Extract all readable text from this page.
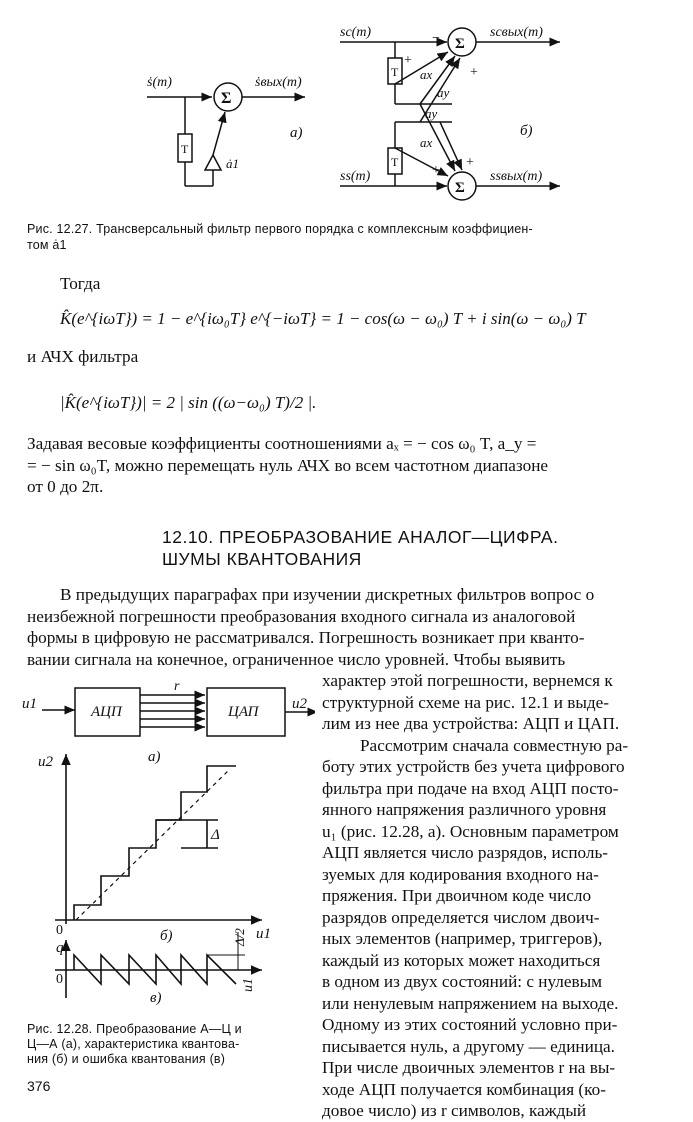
ṡ(m)	ṡвых(m)
Σ
T
ȧ1
a)
sc(m)	scвых(m)
ss(m)	ssвых(m)
Σ
Σ
T
T
ax
ay
ay
ax
−
+
+
+
+
б)
Рис. 12.27. Трансверсальный фильтр первого порядка с комплексным коэффициен-
том ȧ1
Тогда
K̂(e^{iωT}) = 1 − e^{iω₀T} e^{−iωT} = 1 − cos(ω − ω₀) T + i sin(ω − ω₀) T
и АЧХ фильтра
|K̂(e^{iωT})| = 2 | sin ((ω−ω₀) T)/2 |.
Задавая весовые коэффициенты соотношениями aₓ = − cos ω₀ T, a_y =
= − sin ω₀T, можно перемещать нуль АЧХ во всем частотном диапазоне
от 0 до 2π.
12.10. ПРЕОБРАЗОВАНИЕ АНАЛОГ—ЦИФРА.
ШУМЫ КВАНТОВАНИЯ
В предыдущих параграфах при изучении дискретных фильтров вопрос о
неизбежной погрешности преобразования входного сигнала из аналоговой
формы в цифровую не рассматривался. Погрешность возникает при кванто-
вании сигнала на конечное, ограниченное число уровней. Чтобы выявить
характер этой погрешности, вернемся к
структурной схеме на рис. 12.1 и выде-
лим из нее два устройства: АЦП и ЦАП.
Рассмотрим сначала совместную ра-
боту этих устройств без учета цифрового
фильтра при подаче на вход АЦП посто-
янного напряжения различного уровня
u₁ (рис. 12.28, а). Основным параметром
АЦП является число разрядов, исполь-
зуемых для кодирования входного на-
пряжения. При двоичном коде число
разрядов определяется числом двоич-
ных элементов (например, триггеров),
каждый из которых может находиться
в одном из двух состояний: с нулевым
или ненулевым напряжением на выходе.
Одному из этих состояний условно при-
писывается нуль, а другому — единица.
При числе двоичных элементов r на вы-
ходе АЦП получается комбинация (ко-
довое число) из r символов, каждый
u1	АЦП	ЦАП
r
u2
a)
Δ
u2
u1
0	б)
q
Δ/2
u1
0
в)
Рис. 12.28. Преобразование А—Ц и
Ц—А (а), характеристика квантова-
ния (б) и ошибка квантования (в)
376
